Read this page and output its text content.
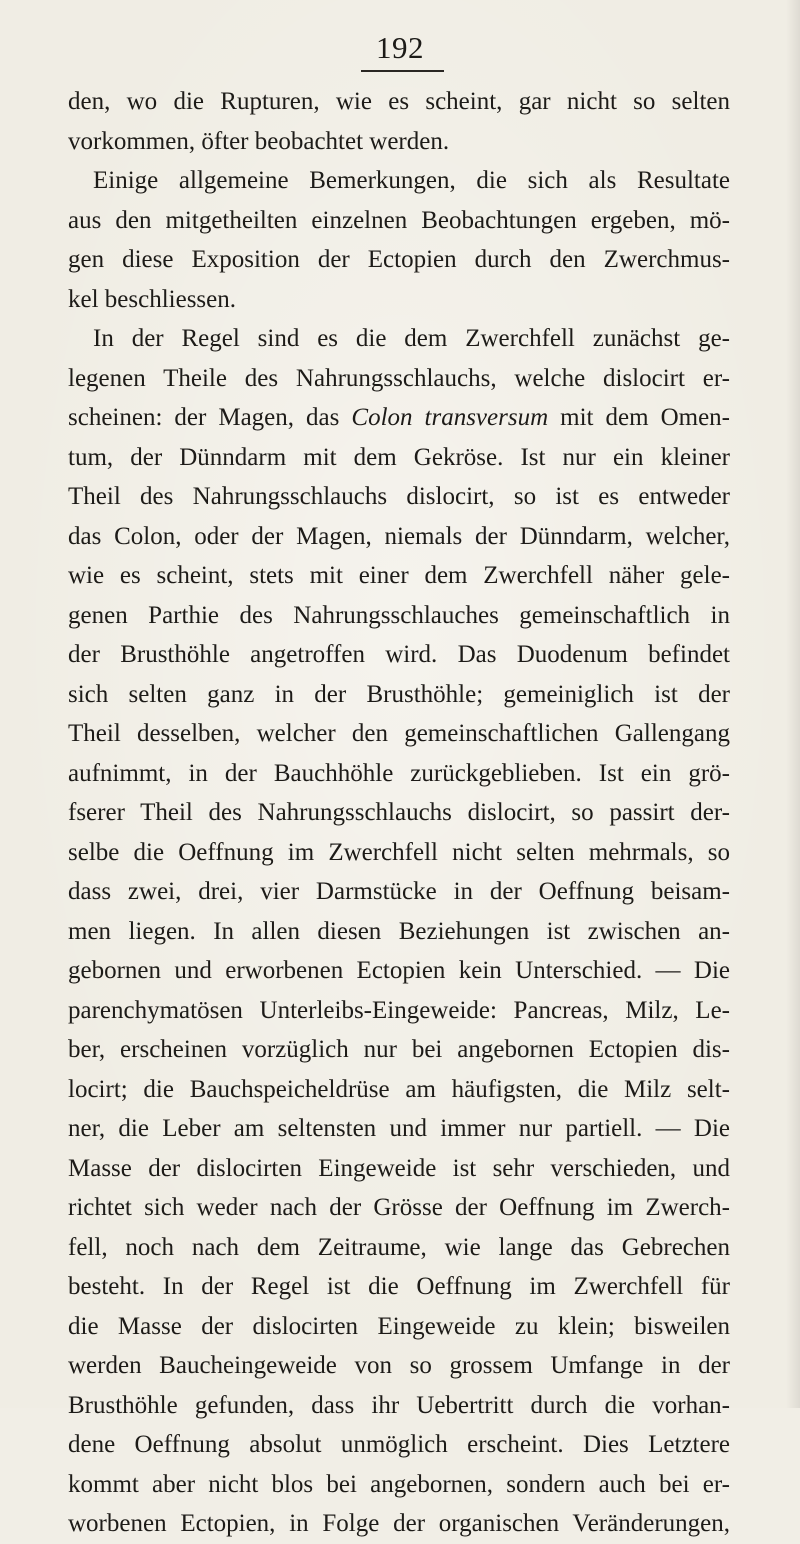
192
den, wo die Rupturen, wie es scheint, gar nicht so selten
vorkommen, öfter beobachtet werden.
Einige allgemeine Bemerkungen, die sich als Resultate
aus den mitgetheilten einzelnen Beobachtungen ergeben, mö-
gen diese Exposition der Ectopien durch den Zwerchmus-
kel beschliessen.
In der Regel sind es die dem Zwerchfell zunächst ge-
legenen Theile des Nahrungsschlauchs, welche dislocirt er-
scheinen: der Magen, das Colon transversum mit dem Omen-
tum, der Dünndarm mit dem Gekröse. Ist nur ein kleiner
Theil des Nahrungsschlauchs dislocirt, so ist es entweder
das Colon, oder der Magen, niemals der Dünndarm, welcher,
wie es scheint, stets mit einer dem Zwerchfell näher gele-
genen Parthie des Nahrungsschlauches gemeinschaftlich in
der Brusthöhle angetroffen wird. Das Duodenum befindet
sich selten ganz in der Brusthöhle; gemeiniglich ist der
Theil desselben, welcher den gemeinschaftlichen Gallengang
aufnimmt, in der Bauchhöhle zurückgeblieben. Ist ein grö-
fserer Theil des Nahrungsschlauchs dislocirt, so passirt der-
selbe die Oeffnung im Zwerchfell nicht selten mehrmals, so
dass zwei, drei, vier Darmstücke in der Oeffnung beisam-
men liegen. In allen diesen Beziehungen ist zwischen an-
gebornen und erworbenen Ectopien kein Unterschied. — Die
parenchymatösen Unterleibs-Eingeweide: Pancreas, Milz, Le-
ber, erscheinen vorzüglich nur bei angebornen Ectopien dis-
locirt; die Bauchspeicheldrüse am häufigsten, die Milz selt-
ner, die Leber am seltensten und immer nur partiell. — Die
Masse der dislocirten Eingeweide ist sehr verschieden, und
richtet sich weder nach der Grösse der Oeffnung im Zwerch-
fell, noch nach dem Zeitraume, wie lange das Gebrechen
besteht. In der Regel ist die Oeffnung im Zwerchfell für
die Masse der dislocirten Eingeweide zu klein; bisweilen
werden Baucheingeweide von so grossem Umfange in der
Brusthöhle gefunden, dass ihr Uebertritt durch die vorhan-
dene Oeffnung absolut unmöglich erscheint. Dies Letztere
kommt aber nicht blos bei angebornen, sondern auch bei er-
worbenen Ectopien, in Folge der organischen Veränderungen,
